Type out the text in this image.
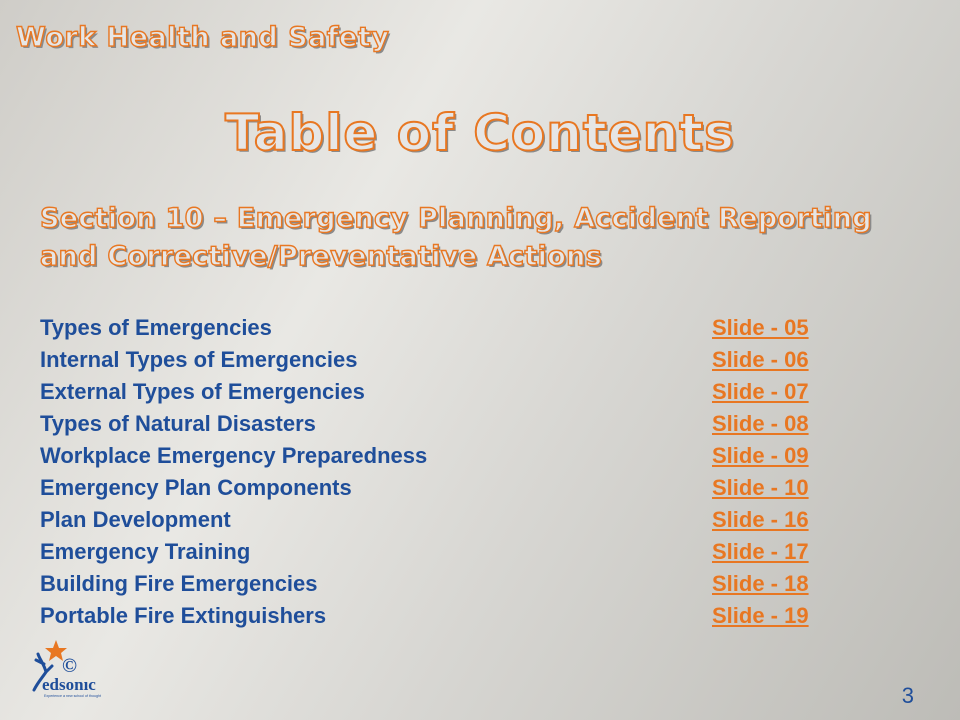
Work Health and Safety
Table of Contents
Section 10 – Emergency Planning, Accident Reporting
and Corrective/Preventative Actions
Types of Emergencies	Slide - 05
Internal Types of Emergencies	Slide - 06
External Types of Emergencies	Slide - 07
Types of Natural Disasters	Slide - 08
Workplace Emergency Preparedness	Slide - 09
Emergency Plan Components	Slide - 10
Plan Development	Slide - 16
Emergency Training	Slide - 17
Building Fire Emergencies	Slide - 18
Portable Fire Extinguishers	Slide - 19
©
edsonıc
Experience a new school of thought	3
